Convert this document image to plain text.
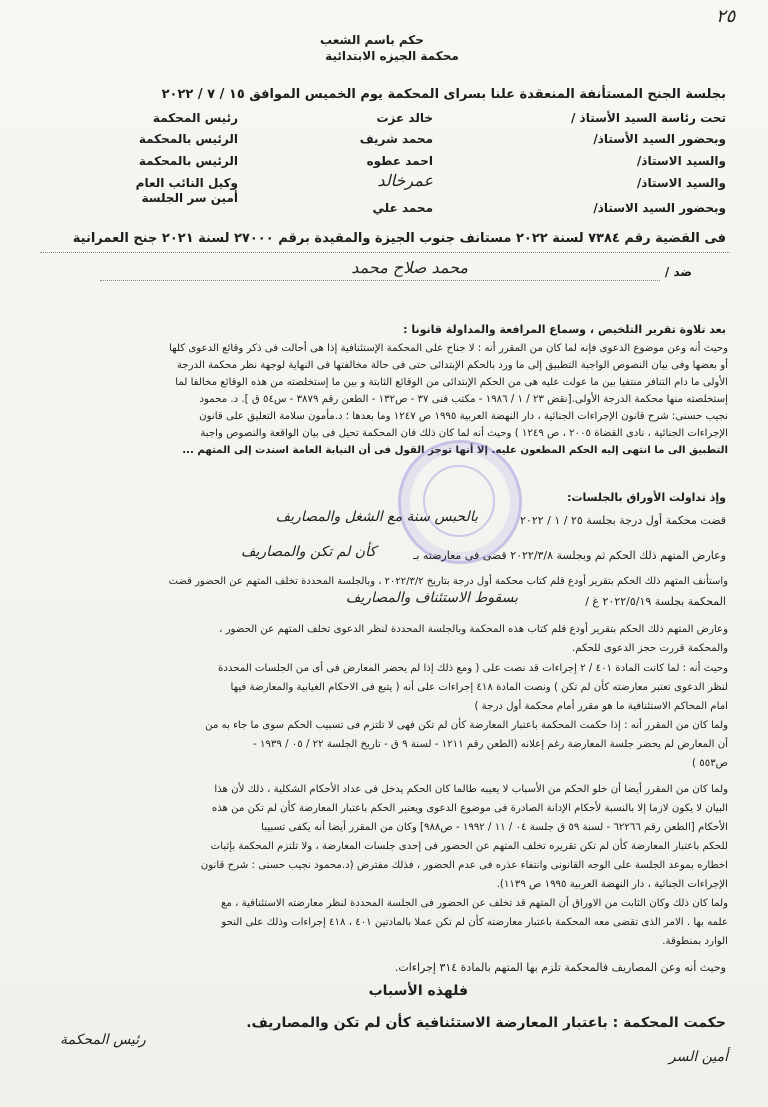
٢٥
حكم باسم الشعب
محكمة الجيزه الابتدائية
بجلسة الجنح المستأنفة المنعقدة علنا بسراى المحكمة يوم الخميس الموافق ١٥ / ٧ / ٢٠٢٢
تحت رئاسة السيد الأستاذ /
خالد عزت
رئيس المحكمة
وبحضور السيد الأستاذ/
محمد شريف
الرئيس بالمحكمة
والسيد الاستاذ/
احمد عطوه
الرئيس بالمحكمة
والسيد الاستاذ/
عمرخالد
وكيل النائب العام
وبحضور السيد الاستاذ/
محمد علي
أمين سر الجلسة
فى القضية رقم ٧٣٨٤ لسنة ٢٠٢٢ مستانف جنوب الجيزة والمقيدة برقم ٢٧٠٠٠ لسنة ٢٠٢١ جنح العمرانية
ضد /
محمد صلاح محمد
بعد تلاوة تقرير التلخيص ، وسماع المرافعة والمداولة قانونا :
وحيث أنه وعن موضوع الدعوى فإنه لما كان من المقرر أنه : لا جناح على المحكمة الإستئنافية إذا هى أحالت فى ذكر وقائع الدعوى كلها
أو بعضها وفى بيان النصوص الواجبة التطبيق إلى ما ورد بالحكم الإبتدائى حتى فى حالة مخالفتها فى النهاية لوجهة نظر محكمة الدرجة
الأولى ما دام التنافر منتفيا بين ما عولت عليه هى من الحكم الإبتدائى من الوقائع الثابتة و بين ما إستخلصته من هذه الوقائع مخالفا لما
إستخلصته منها محكمة الدرجة الأولى.[نقض ٢٣ / ١ / ١٩٨٦ - مكتب فنى ٣٧ - ص١٣٢ - الطعن رقم ٣٨٧٩ - س٥٤ ق ]. د. محمود
نجيب حسنى: شرح قانون الإجراءات الجنائية ، دار النهضة العربية ١٩٩٥ ص ١٢٤٧ وما بعدها ؛ د.مأمون سلامة التعليق على قانون
الإجراءات الجنائية ، نادى القضاة ٢٠٠٥ ، ص ١٢٤٩ ) وحيث أنه لما كان ذلك فان المحكمة تحيل فى بيان الواقعة والنصوص واجبة
التطبيق الى ما انتهى إليه الحكم المطعون عليه. إلا أنها توجز القول فى أن النيابة العامة اسندت إلى المتهم ...
وإذ تداولت الأوراق بالجلسات:
قضت محكمة أول درجة بجلسة ٢٥ / ١ / ٢٠٢٢
بالحبس سنة مع الشغل والمصاريف
وعارض المتهم ذلك الحكم ثم وبجلسة ٢٠٢٢/٣/٨ قضى فى معارضته بـ
كأن لم تكن والمصاريف
واستأنف المتهم ذلك الحكم بتقرير أودع قلم كتاب محكمة أول درجة بتاريخ ٢٠٢٢/٣/٢ ، وبالجلسة المحددة تخلف المتهم عن الحضور قضت
المحكمة بجلسة ٢٠٢٢/٥/١٩ غ /
بسقوط الاستئناف والمصاريف
وعارض المتهم ذلك الحكم بتقرير أودع قلم كتاب هذه المحكمة وبالجلسة المحددة لنظر الدعوى تخلف المتهم عن الحضور ،
والمحكمة قررت حجز الدعوى للحكم.
وحيث أنه : لما كانت المادة ٤٠١ / ٢ إجراءات قد نصت على ( ومع ذلك إذا لم يحضر المعارض فى أى من الجلسات المحددة
لنظر الدعوى تعتبر معارضته كأن لم تكن ) ونصت المادة ٤١٨ إجراءات على أنه ( يتبع فى الاحكام الغيابية والمعارضة فيها
امام المحاكم الاستئنافية ما هو مقرر أمام محكمة أول درجة )
ولما كان من المقرر أنه : إذا حكمت المحكمة باعتبار المعارضة كأن لم تكن فهى لا تلتزم فى تسبيب الحكم سوى ما جاء به من
أن المعارض لم يحضر جلسة المعارضة رغم إعلانه (الطعن رقم ١٢١١ - لسنة ٩ ق - تاريخ الجلسة ٢٢ / ٠٥ / ١٩٣٩ -
ص٥٥٣ )
ولما كان من المقرر أيضا أن خلو الحكم من الأسباب لا يعيبه طالما كان الحكم يدخل فى عداد الأحكام الشكلية ، ذلك لأن هذا
البيان لا يكون لازما إلا بالنسبة لأحكام الإدانة الصادرة فى موضوع الدعوى ويعتبر الحكم باعتبار المعارضة كأن لم تكن من هذه
الأحكام [الطعن رقم ٦٢٢٦٦ - لسنة ٥٩ ق جلسة ٠٤ / ١١ / ١٩٩٢ - ص٩٨٨] وكان من المقرر أيضا أنه يكفى تسبيبا
للحكم باعتبار المعارضة كأن لم تكن تقريره تخلف المتهم عن الحضور فى إحدى جلسات المعارضة ، ولا تلتزم المحكمة بإثبات
اخطاره بموعد الجلسة على الوجه القانونى وانتفاء عذره فى عدم الحضور ، فذلك مفترض (د.محمود نجيب حسنى : شرح قانون
الإجراءات الجنائية ، دار النهضة العربية ١٩٩٥ ص ١١٣٩).
ولما كان ذلك وكان الثابت من الاوراق أن المتهم قد تخلف عن الحضور فى الجلسة المحددة لنظر معارضته الاستئنافية ، مع
علمه بها . الامر الذى تقضى معه المحكمة باعتبار معارضته كأن لم تكن عملا بالمادتين ٤٠١ ، ٤١٨ إجراءات وذلك على النحو
الوارد بمنطوقة.
وحيث أنه وعن المصاريف فالمحكمة تلزم بها المتهم بالمادة ٣١٤ إجراءات.
فلهذه الأسباب
حكمت المحكمة : باعتبار المعارضة الاستئنافية كأن لم تكن والمصاريف.
رئيس المحكمة
أمين السر
